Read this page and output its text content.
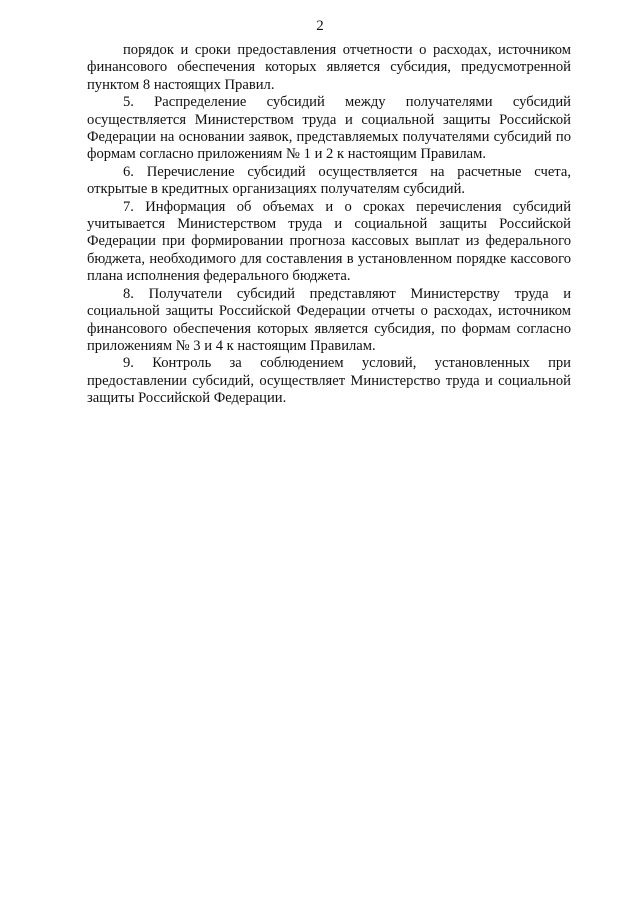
2

порядок и сроки предоставления отчетности о расходах, источником финансового обеспечения которых является субсидия, предусмотренной пунктом 8 настоящих Правил.

5. Распределение субсидий между получателями субсидий осуществляется Министерством труда и социальной защиты Российской Федерации на основании заявок, представляемых получателями субсидий по формам согласно приложениям № 1 и 2 к настоящим Правилам.

6. Перечисление субсидий осуществляется на расчетные счета, открытые в кредитных организациях получателям субсидий.

7. Информация об объемах и о сроках перечисления субсидий учитывается Министерством труда и социальной защиты Российской Федерации при формировании прогноза кассовых выплат из федерального бюджета, необходимого для составления в установленном порядке кассового плана исполнения федерального бюджета.

8. Получатели субсидий представляют Министерству труда и социальной защиты Российской Федерации отчеты о расходах, источником финансового обеспечения которых является субсидия, по формам согласно приложениям № 3 и 4 к настоящим Правилам.

9. Контроль за соблюдением условий, установленных при предоставлении субсидий, осуществляет Министерство труда и социальной защиты Российской Федерации.
